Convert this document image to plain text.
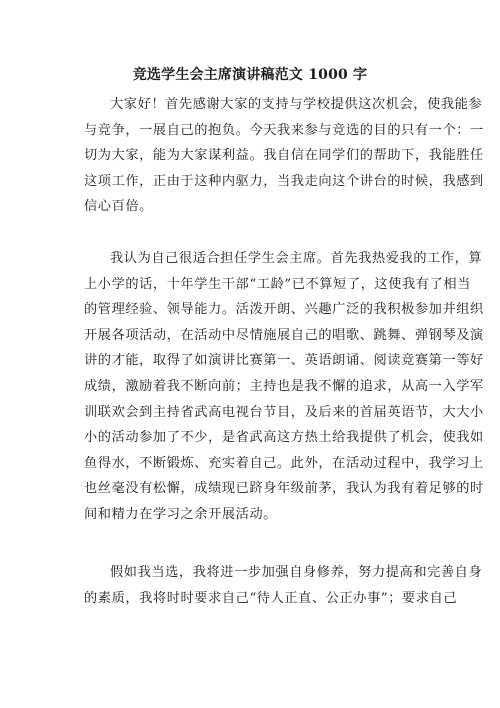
竞选学生会主席演讲稿范文 1000 字
大家好！首先感谢大家的支持与学校提供这次机会，使我能参
与竞争，一展自己的抱负。今天我来参与竞选的目的只有一个：一
切为大家，能为大家谋利益。我自信在同学们的帮助下，我能胜任
这项工作，正由于这种内驱力，当我走向这个讲台的时候，我感到
信心百倍。
我认为自己很适合担任学生会主席。首先我热爱我的工作，算
上小学的话，十年学生干部“工龄”已不算短了，这使我有了相当
的管理经验、领导能力。活泼开朗、兴趣广泛的我积极参加并组织
开展各项活动，在活动中尽情施展自己的唱歌、跳舞、弹钢琴及演
讲的才能，取得了如演讲比赛第一、英语朗诵、阅读竞赛第一等好
成绩，激励着我不断向前；主持也是我不懈的追求，从高一入学军
训联欢会到主持省武高电视台节目，及后来的首届英语节，大大小
小的活动参加了不少，是省武高这方热土给我提供了机会，使我如
鱼得水，不断锻炼、充实着自己。此外，在活动过程中，我学习上
也丝毫没有松懈，成绩现已跻身年级前茅，我认为我有着足够的时
间和精力在学习之余开展活动。
假如我当选，我将进一步加强自身修养，努力提高和完善自身
的素质，我将时时要求自己“待人正直、公正办事”；要求自己
